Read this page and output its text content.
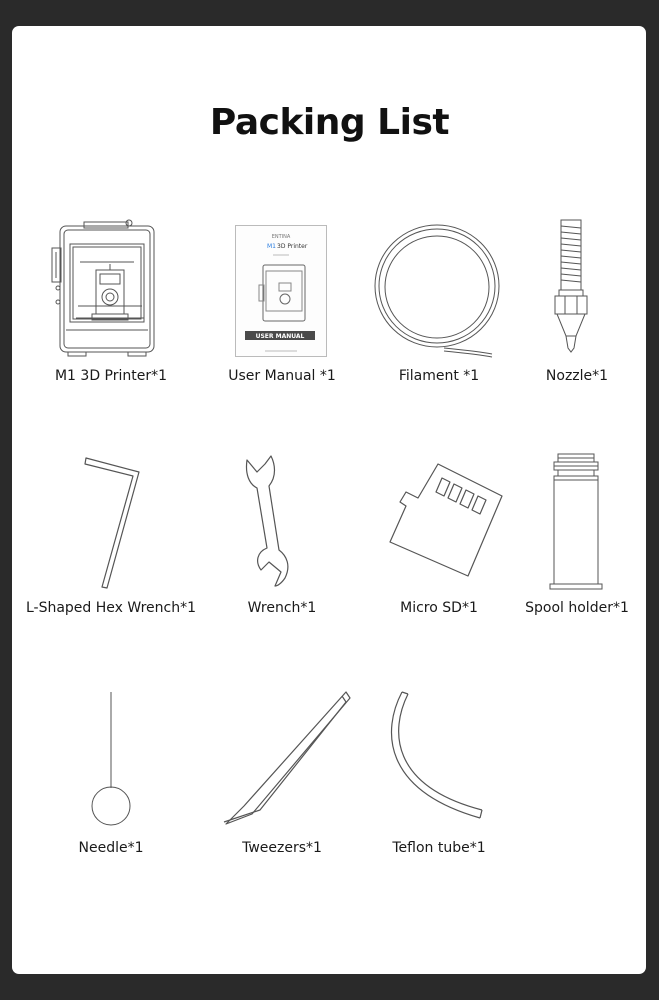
Packing List
M1 3D Printer*1
ENTINA
M1 3D Printer
USER MANUAL
User Manual *1	Filament *1	Nozzle*1
L-Shaped Hex Wrench*1	Wrench*1	Micro SD*1	Spool holder*1
Needle*1	Tweezers*1	Teflon tube*1
